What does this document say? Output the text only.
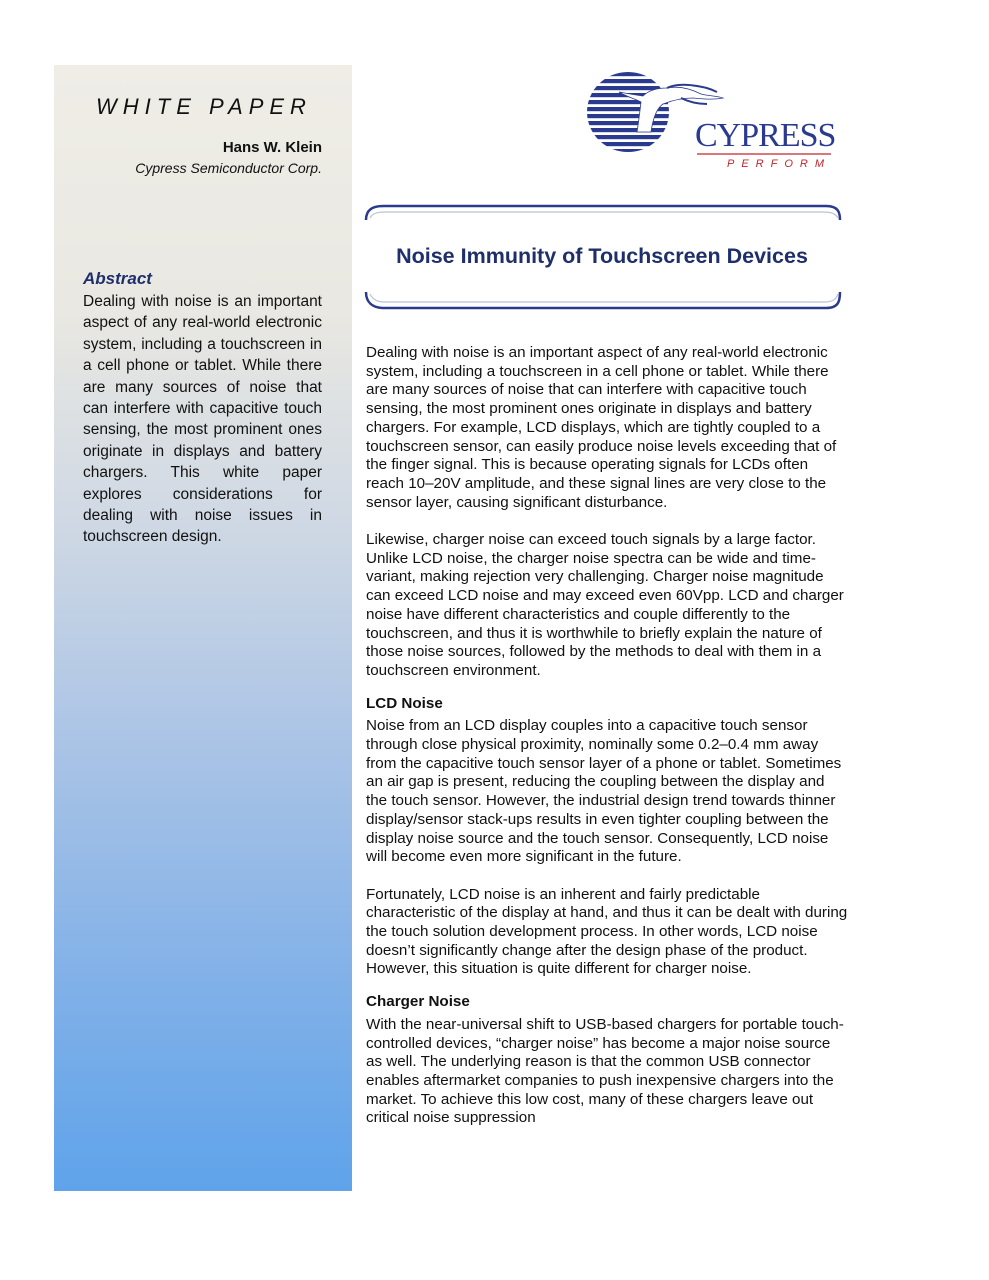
WHITE PAPER
Hans W. Klein
Cypress Semiconductor Corp.
Abstract
Dealing with noise is an important aspect of any real-world electronic system, including a touchscreen in a cell phone or tablet. While there are many sources of noise that can interfere with capacitive touch sensing, the most prominent ones originate in displays and battery chargers. This white paper explores considerations for dealing with noise issues in touchscreen design.
CYPRESS
PERFORM
Noise Immunity of Touchscreen Devices

Dealing with noise is an important aspect of any real-world electronic system, including a touchscreen in a cell phone or tablet. While there are many sources of noise that can interfere with capacitive touch sensing, the most prominent ones originate in displays and battery chargers. For example, LCD displays, which are tightly coupled to a touchscreen sensor, can easily produce noise levels exceeding that of the finger signal. This is because operating signals for LCDs often reach 10–20V amplitude, and these signal lines are very close to the sensor layer, causing significant disturbance.

Likewise, charger noise can exceed touch signals by a large factor. Unlike LCD noise, the charger noise spectra can be wide and time-variant, making rejection very challenging. Charger noise magnitude can exceed LCD noise and may exceed even 60Vpp. LCD and charger noise have different characteristics and couple differently to the touchscreen, and thus it is worthwhile to briefly explain the nature of those noise sources, followed by the methods to deal with them in a touchscreen environment.

LCD Noise

Noise from an LCD display couples into a capacitive touch sensor through close physical proximity, nominally some 0.2–0.4 mm away from the capacitive touch sensor layer of a phone or tablet. Sometimes an air gap is present, reducing the coupling between the display and the touch sensor. However, the industrial design trend towards thinner display/sensor stack-ups results in even tighter coupling between the display noise source and the touch sensor. Consequently, LCD noise will become even more significant in the future.

Fortunately, LCD noise is an inherent and fairly predictable characteristic of the display at hand, and thus it can be dealt with during the touch solution development process. In other words, LCD noise doesn’t significantly change after the design phase of the product. However, this situation is quite different for charger noise.

Charger Noise

With the near-universal shift to USB-based chargers for portable touch-controlled devices, “charger noise” has become a major noise source as well. The underlying reason is that the common USB connector enables aftermarket companies to push inexpensive chargers into the market. To achieve this low cost, many of these chargers leave out critical noise suppression
